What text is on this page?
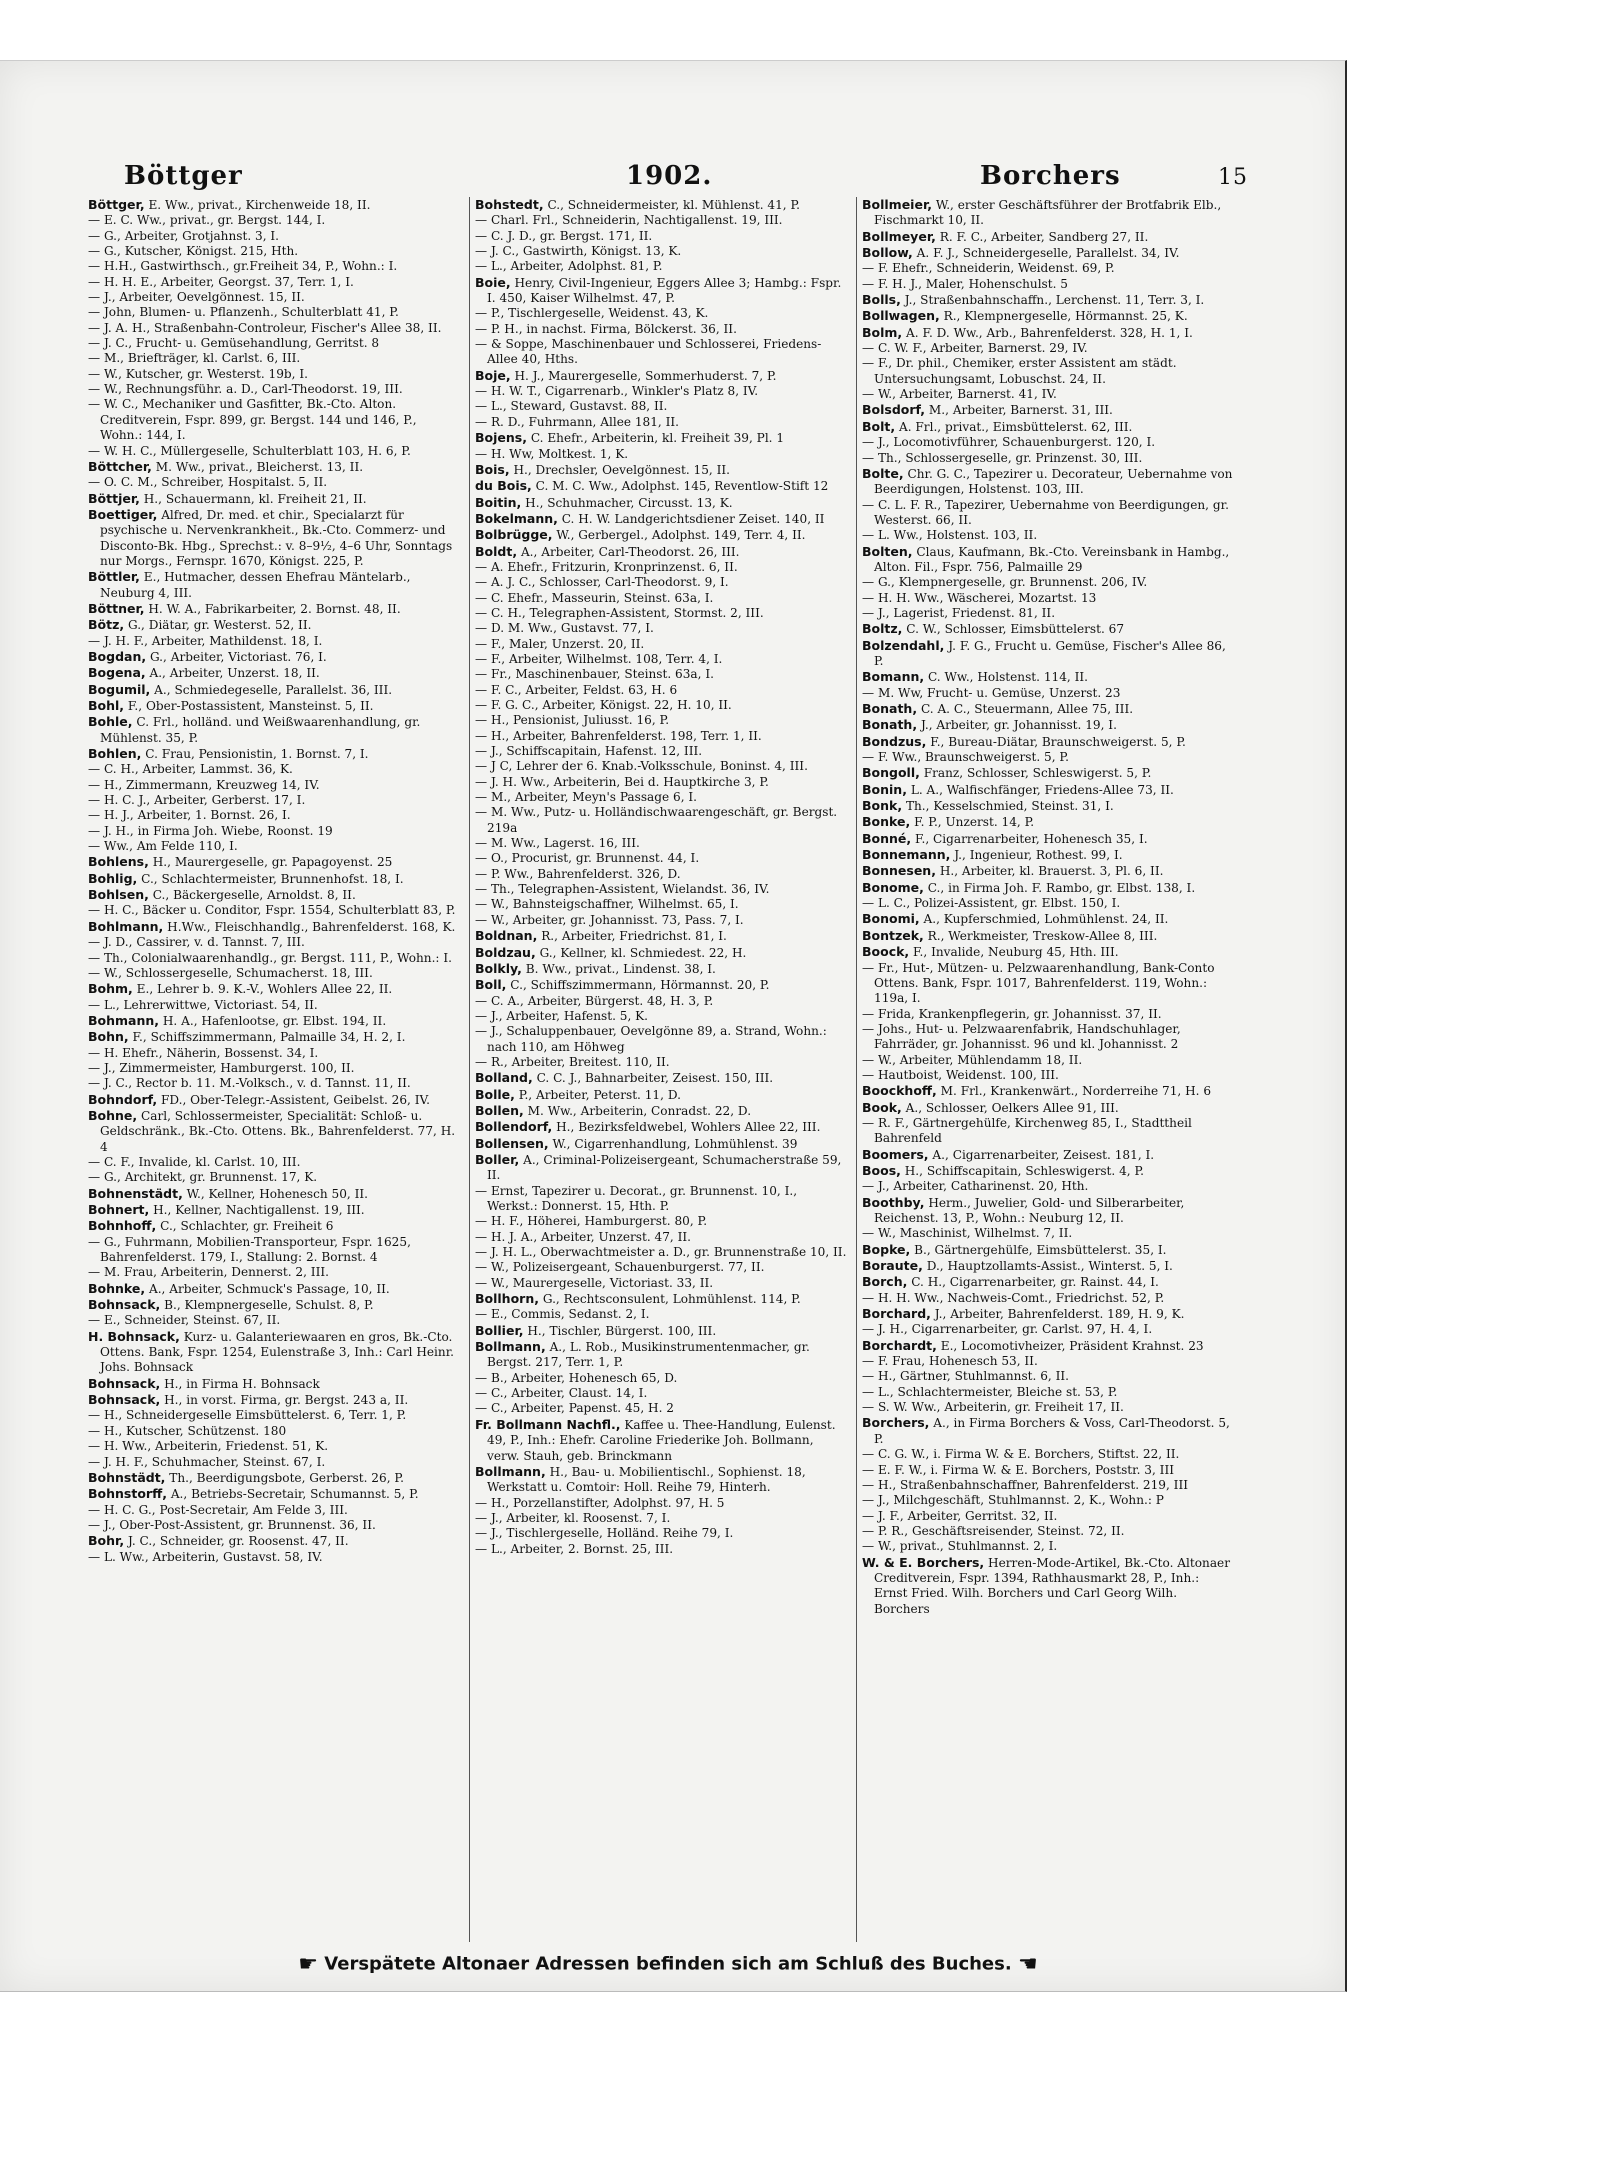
Böttger	1902.	Borchers	15
Böttger, E. Ww., privat., Kirchenweide 18, II.
— E. C. Ww., privat., gr. Bergst. 144, I.
— G., Arbeiter, Grotjahnst. 3, I.
— G., Kutscher, Königst. 215, Hth.
— H.H., Gastwirthsch., gr.Freiheit 34, P., Wohn.: I.
— H. H. E., Arbeiter, Georgst. 37, Terr. 1, I.
— J., Arbeiter, Oevelgönnest. 15, II.
— John, Blumen- u. Pflanzenh., Schulterblatt 41, P.
— J. A. H., Straßenbahn-Controleur, Fischer's Allee 38, II.
— J. C., Frucht- u. Gemüsehandlung, Gerritst. 8
— M., Briefträger, kl. Carlst. 6, III.
— W., Kutscher, gr. Westerst. 19b, I.
— W., Rechnungsführ. a. D., Carl-Theodorst. 19, III.
— W. C., Mechaniker und Gasfitter, Bk.-Cto. Alton. Creditverein, Fspr. 899, gr. Bergst. 144 und 146, P., Wohn.: 144, I.
— W. H. C., Müllergeselle, Schulterblatt 103, H. 6, P.
Böttcher, M. Ww., privat., Bleicherst. 13, II.
— O. C. M., Schreiber, Hospitalst. 5, II.
Böttjer, H., Schauermann, kl. Freiheit 21, II.
Boettiger, Alfred, Dr. med. et chir., Specialarzt für psychische u. Nervenkrankheit., Bk.-Cto. Commerz- und Disconto-Bk. Hbg., Sprechst.: v. 8–9½, 4–6 Uhr, Sonntags nur Morgs., Fernspr. 1670, Königst. 225, P.
Böttler, E., Hutmacher, dessen Ehefrau Mäntelarb., Neuburg 4, III.
Böttner, H. W. A., Fabrikarbeiter, 2. Bornst. 48, II.
Bötz, G., Diätar, gr. Westerst. 52, II.
— J. H. F., Arbeiter, Mathildenst. 18, I.
Bogdan, G., Arbeiter, Victoriast. 76, I.
Bogena, A., Arbeiter, Unzerst. 18, II.
Bogumil, A., Schmiedegeselle, Parallelst. 36, III.
Bohl, F., Ober-Postassistent, Mansteinst. 5, II.
Bohle, C. Frl., holländ. und Weißwaarenhandlung, gr. Mühlenst. 35, P.
Bohlen, C. Frau, Pensionistin, 1. Bornst. 7, I.
— C. H., Arbeiter, Lammst. 36, K.
— H., Zimmermann, Kreuzweg 14, IV.
— H. C. J., Arbeiter, Gerberst. 17, I.
— H. J., Arbeiter, 1. Bornst. 26, I.
— J. H., in Firma Joh. Wiebe, Roonst. 19
— Ww., Am Felde 110, I.
Bohlens, H., Maurergeselle, gr. Papagoyenst. 25
Bohlig, C., Schlachtermeister, Brunnenhofst. 18, I.
Bohlsen, C., Bäckergeselle, Arnoldst. 8, II.
— H. C., Bäcker u. Conditor, Fspr. 1554, Schulterblatt 83, P.
Bohlmann, H.Ww., Fleischhandlg., Bahrenfelderst. 168, K.
— J. D., Cassirer, v. d. Tannst. 7, III.
— Th., Colonialwaarenhandlg., gr. Bergst. 111, P., Wohn.: I.
— W., Schlossergeselle, Schumacherst. 18, III.
Bohm, E., Lehrer b. 9. K.-V., Wohlers Allee 22, II.
— L., Lehrerwittwe, Victoriast. 54, II.
Bohmann, H. A., Hafenlootse, gr. Elbst. 194, II.
Bohn, F., Schiffszimmermann, Palmaille 34, H. 2, I.
— H. Ehefr., Näherin, Bossenst. 34, I.
— J., Zimmermeister, Hamburgerst. 100, II.
— J. C., Rector b. 11. M.-Volksch., v. d. Tannst. 11, II.
Bohndorf, FD., Ober-Telegr.-Assistent, Geibelst. 26, IV.
Bohne, Carl, Schlossermeister, Specialität: Schloß- u. Geldschränk., Bk.-Cto. Ottens. Bk., Bahrenfelderst. 77, H. 4
— C. F., Invalide, kl. Carlst. 10, III.
— G., Architekt, gr. Brunnenst. 17, K.
Bohnenstädt, W., Kellner, Hohenesch 50, II.
Bohnert, H., Kellner, Nachtigallenst. 19, III.
Bohnhoff, C., Schlachter, gr. Freiheit 6
— G., Fuhrmann, Mobilien-Transporteur, Fspr. 1625, Bahrenfelderst. 179, I., Stallung: 2. Bornst. 4
— M. Frau, Arbeiterin, Dennerst. 2, III.
Bohnke, A., Arbeiter, Schmuck's Passage, 10, II.
Bohnsack, B., Klempnergeselle, Schulst. 8, P.
— E., Schneider, Steinst. 67, II.
H. Bohnsack, Kurz- u. Galanteriewaaren en gros, Bk.-Cto. Ottens. Bank, Fspr. 1254, Eulenstraße 3, Inh.: Carl Heinr. Johs. Bohnsack
Bohnsack, H., in Firma H. Bohnsack
Bohnsack, H., in vorst. Firma, gr. Bergst. 243 a, II.
— H., Schneidergeselle Eimsbüttelerst. 6, Terr. 1, P.
— H., Kutscher, Schützenst. 180
— H. Ww., Arbeiterin, Friedenst. 51, K.
— J. H. F., Schuhmacher, Steinst. 67, I.
Bohnstädt, Th., Beerdigungsbote, Gerberst. 26, P.
Bohnstorff, A., Betriebs-Secretair, Schumannst. 5, P.
— H. C. G., Post-Secretair, Am Felde 3, III.
— J., Ober-Post-Assistent, gr. Brunnenst. 36, II.
Bohr, J. C., Schneider, gr. Roosenst. 47, II.
— L. Ww., Arbeiterin, Gustavst. 58, IV.
Bohstedt, C., Schneidermeister, kl. Mühlenst. 41, P.
— Charl. Frl., Schneiderin, Nachtigallenst. 19, III.
— C. J. D., gr. Bergst. 171, II.
— J. C., Gastwirth, Königst. 13, K.
— L., Arbeiter, Adolphst. 81, P.
Boie, Henry, Civil-Ingenieur, Eggers Allee 3; Hambg.: Fspr. I. 450, Kaiser Wilhelmst. 47, P.
— P., Tischlergeselle, Weidenst. 43, K.
— P. H., in nachst. Firma, Bölckerst. 36, II.
— & Soppe, Maschinenbauer und Schlosserei, Friedens-Allee 40, Hths.
Boje, H. J., Maurergeselle, Sommerhuderst. 7, P.
— H. W. T., Cigarrenarb., Winkler's Platz 8, IV.
— L., Steward, Gustavst. 88, II.
— R. D., Fuhrmann, Allee 181, II.
Bojens, C. Ehefr., Arbeiterin, kl. Freiheit 39, Pl. 1
— H. Ww, Moltkest. 1, K.
Bois, H., Drechsler, Oevelgönnest. 15, II.
du Bois, C. M. C. Ww., Adolphst. 145, Reventlow-Stift 12
Boitin, H., Schuhmacher, Circusst. 13, K.
Bokelmann, C. H. W. Landgerichtsdiener Zeiset. 140, II
Bolbrügge, W., Gerbergel., Adolphst. 149, Terr. 4, II.
Boldt, A., Arbeiter, Carl-Theodorst. 26, III.
— A. Ehefr., Fritzurin, Kronprinzenst. 6, II.
— A. J. C., Schlosser, Carl-Theodorst. 9, I.
— C. Ehefr., Masseurin, Steinst. 63a, I.
— C. H., Telegraphen-Assistent, Stormst. 2, III.
— D. M. Ww., Gustavst. 77, I.
— F., Maler, Unzerst. 20, II.
— F., Arbeiter, Wilhelmst. 108, Terr. 4, I.
— Fr., Maschinenbauer, Steinst. 63a, I.
— F. C., Arbeiter, Feldst. 63, H. 6
— F. G. C., Arbeiter, Königst. 22, H. 10, II.
— H., Pensionist, Juliusst. 16, P.
— H., Arbeiter, Bahrenfelderst. 198, Terr. 1, II.
— J., Schiffscapitain, Hafenst. 12, III.
— J C, Lehrer der 6. Knab.-Volksschule, Boninst. 4, III.
— J. H. Ww., Arbeiterin, Bei d. Hauptkirche 3, P.
— M., Arbeiter, Meyn's Passage 6, I.
— M. Ww., Putz- u. Holländischwaarengeschäft, gr. Bergst. 219a
— M. Ww., Lagerst. 16, III.
— O., Procurist, gr. Brunnenst. 44, I.
— P. Ww., Bahrenfelderst. 326, D.
— Th., Telegraphen-Assistent, Wielandst. 36, IV.
— W., Bahnsteigschaffner, Wilhelmst. 65, I.
— W., Arbeiter, gr. Johannisst. 73, Pass. 7, I.
Boldnan, R., Arbeiter, Friedrichst. 81, I.
Boldzau, G., Kellner, kl. Schmiedest. 22, H.
Bolkly, B. Ww., privat., Lindenst. 38, I.
Boll, C., Schiffszimmermann, Hörmannst. 20, P.
— C. A., Arbeiter, Bürgerst. 48, H. 3, P.
— J., Arbeiter, Hafenst. 5, K.
— J., Schaluppenbauer, Oevelgönne 89, a. Strand, Wohn.: nach 110, am Höhweg
— R., Arbeiter, Breitest. 110, II.
Bolland, C. C. J., Bahnarbeiter, Zeisest. 150, III.
Bolle, P., Arbeiter, Peterst. 11, D.
Bollen, M. Ww., Arbeiterin, Conradst. 22, D.
Bollendorf, H., Bezirksfeldwebel, Wohlers Allee 22, III.
Bollensen, W., Cigarrenhandlung, Lohmühlenst. 39
Boller, A., Criminal-Polizeisergeant, Schumacherstraße 59, II.
— Ernst, Tapezirer u. Decorat., gr. Brunnenst. 10, I., Werkst.: Donnerst. 15, Hth. P.
— H. F., Höherei, Hamburgerst. 80, P.
— H. J. A., Arbeiter, Unzerst. 47, II.
— J. H. L., Oberwachtmeister a. D., gr. Brunnenstraße 10, II.
— W., Polizeisergeant, Schauenburgerst. 77, II.
— W., Maurergeselle, Victoriast. 33, II.
Bollhorn, G., Rechtsconsulent, Lohmühlenst. 114, P.
— E., Commis, Sedanst. 2, I.
Bollier, H., Tischler, Bürgerst. 100, III.
Bollmann, A., L. Rob., Musikinstrumentenmacher, gr. Bergst. 217, Terr. 1, P.
— B., Arbeiter, Hohenesch 65, D.
— C., Arbeiter, Claust. 14, I.
— C., Arbeiter, Papenst. 45, H. 2
Fr. Bollmann Nachfl., Kaffee u. Thee-Handlung, Eulenst. 49, P., Inh.: Ehefr. Caroline Friederike Joh. Bollmann, verw. Stauh, geb. Brinckmann
Bollmann, H., Bau- u. Mobilientischl., Sophienst. 18, Werkstatt u. Comtoir: Holl. Reihe 79, Hinterh.
— H., Porzellanstifter, Adolphst. 97, H. 5
— J., Arbeiter, kl. Roosenst. 7, I.
— J., Tischlergeselle, Holländ. Reihe 79, I.
— L., Arbeiter, 2. Bornst. 25, III.
Bollmeier, W., erster Geschäftsführer der Brotfabrik Elb., Fischmarkt 10, II.
Bollmeyer, R. F. C., Arbeiter, Sandberg 27, II.
Bollow, A. F. J., Schneidergeselle, Parallelst. 34, IV.
— F. Ehefr., Schneiderin, Weidenst. 69, P.
— F. H. J., Maler, Hohenschulst. 5
Bolls, J., Straßenbahnschaffn., Lerchenst. 11, Terr. 3, I.
Bollwagen, R., Klempnergeselle, Hörmannst. 25, K.
Bolm, A. F. D. Ww., Arb., Bahrenfelderst. 328, H. 1, I.
— C. W. F., Arbeiter, Barnerst. 29, IV.
— F., Dr. phil., Chemiker, erster Assistent am städt. Untersuchungsamt, Lobuschst. 24, II.
— W., Arbeiter, Barnerst. 41, IV.
Bolsdorf, M., Arbeiter, Barnerst. 31, III.
Bolt, A. Frl., privat., Eimsbüttelerst. 62, III.
— J., Locomotivführer, Schauenburgerst. 120, I.
— Th., Schlossergeselle, gr. Prinzenst. 30, III.
Bolte, Chr. G. C., Tapezirer u. Decorateur, Uebernahme von Beerdigungen, Holstenst. 103, III.
— C. L. F. R., Tapezirer, Uebernahme von Beerdigungen, gr. Westerst. 66, II.
— L. Ww., Holstenst. 103, II.
Bolten, Claus, Kaufmann, Bk.-Cto. Vereinsbank in Hambg., Alton. Fil., Fspr. 756, Palmaille 29
— G., Klempnergeselle, gr. Brunnenst. 206, IV.
— H. H. Ww., Wäscherei, Mozartst. 13
— J., Lagerist, Friedenst. 81, II.
Boltz, C. W., Schlosser, Eimsbüttelerst. 67
Bolzendahl, J. F. G., Frucht u. Gemüse, Fischer's Allee 86, P.
Bomann, C. Ww., Holstenst. 114, II.
— M. Ww, Frucht- u. Gemüse, Unzerst. 23
Bonath, C. A. C., Steuermann, Allee 75, III.
Bonath, J., Arbeiter, gr. Johannisst. 19, I.
Bondzus, F., Bureau-Diätar, Braunschweigerst. 5, P.
— F. Ww., Braunschweigerst. 5, P.
Bongoll, Franz, Schlosser, Schleswigerst. 5, P.
Bonin, L. A., Walfischfänger, Friedens-Allee 73, II.
Bonk, Th., Kesselschmied, Steinst. 31, I.
Bonke, F. P., Unzerst. 14, P.
Bonné, F., Cigarrenarbeiter, Hohenesch 35, I.
Bonnemann, J., Ingenieur, Rothest. 99, I.
Bonnesen, H., Arbeiter, kl. Brauerst. 3, Pl. 6, II.
Bonome, C., in Firma Joh. F. Rambo, gr. Elbst. 138, I.
— L. C., Polizei-Assistent, gr. Elbst. 150, I.
Bonomi, A., Kupferschmied, Lohmühlenst. 24, II.
Bontzek, R., Werkmeister, Treskow-Allee 8, III.
Boock, F., Invalide, Neuburg 45, Hth. III.
— Fr., Hut-, Mützen- u. Pelzwaarenhandlung, Bank-Conto Ottens. Bank, Fspr. 1017, Bahrenfelderst. 119, Wohn.: 119a, I.
— Frida, Krankenpflegerin, gr. Johannisst. 37, II.
— Johs., Hut- u. Pelzwaarenfabrik, Handschuhlager, Fahrräder, gr. Johannisst. 96 und kl. Johannisst. 2
— W., Arbeiter, Mühlendamm 18, II.
— Hautboist, Weidenst. 100, III.
Boockhoff, M. Frl., Krankenwärt., Norderreihe 71, H. 6
Book, A., Schlosser, Oelkers Allee 91, III.
— R. F., Gärtnergehülfe, Kirchenweg 85, I., Stadttheil Bahrenfeld
Boomers, A., Cigarrenarbeiter, Zeisest. 181, I.
Boos, H., Schiffscapitain, Schleswigerst. 4, P.
— J., Arbeiter, Catharinenst. 20, Hth.
Boothby, Herm., Juwelier, Gold- und Silberarbeiter, Reichenst. 13, P., Wohn.: Neuburg 12, II.
— W., Maschinist, Wilhelmst. 7, II.
Bopke, B., Gärtnergehülfe, Eimsbüttelerst. 35, I.
Boraute, D., Hauptzollamts-Assist., Winterst. 5, I.
Borch, C. H., Cigarrenarbeiter, gr. Rainst. 44, I.
— H. H. Ww., Nachweis-Comt., Friedrichst. 52, P.
Borchard, J., Arbeiter, Bahrenfelderst. 189, H. 9, K.
— J. H., Cigarrenarbeiter, gr. Carlst. 97, H. 4, I.
Borchardt, E., Locomotivheizer, Präsident Krahnst. 23
— F. Frau, Hohenesch 53, II.
— H., Gärtner, Stuhlmannst. 6, II.
— L., Schlachtermeister, Bleiche st. 53, P.
— S. W. Ww., Arbeiterin, gr. Freiheit 17, II.
Borchers, A., in Firma Borchers & Voss, Carl-Theodorst. 5, P.
— C. G. W., i. Firma W. & E. Borchers, Stiftst. 22, II.
— E. F. W., i. Firma W. & E. Borchers, Poststr. 3, III
— H., Straßenbahnschaffner, Bahrenfelderst. 219, III
— J., Milchgeschäft, Stuhlmannst. 2, K., Wohn.: P
— J. F., Arbeiter, Gerritst. 32, II.
— P. R., Geschäftsreisender, Steinst. 72, II.
— W., privat., Stuhlmannst. 2, I.
W. & E. Borchers, Herren-Mode-Artikel, Bk.-Cto. Altonaer Creditverein, Fspr. 1394, Rathhausmarkt 28, P., Inh.: Ernst Fried. Wilh. Borchers und Carl Georg Wilh. Borchers
☛ Verspätete Altonaer Adressen befinden sich am Schluß des Buches. ☛
